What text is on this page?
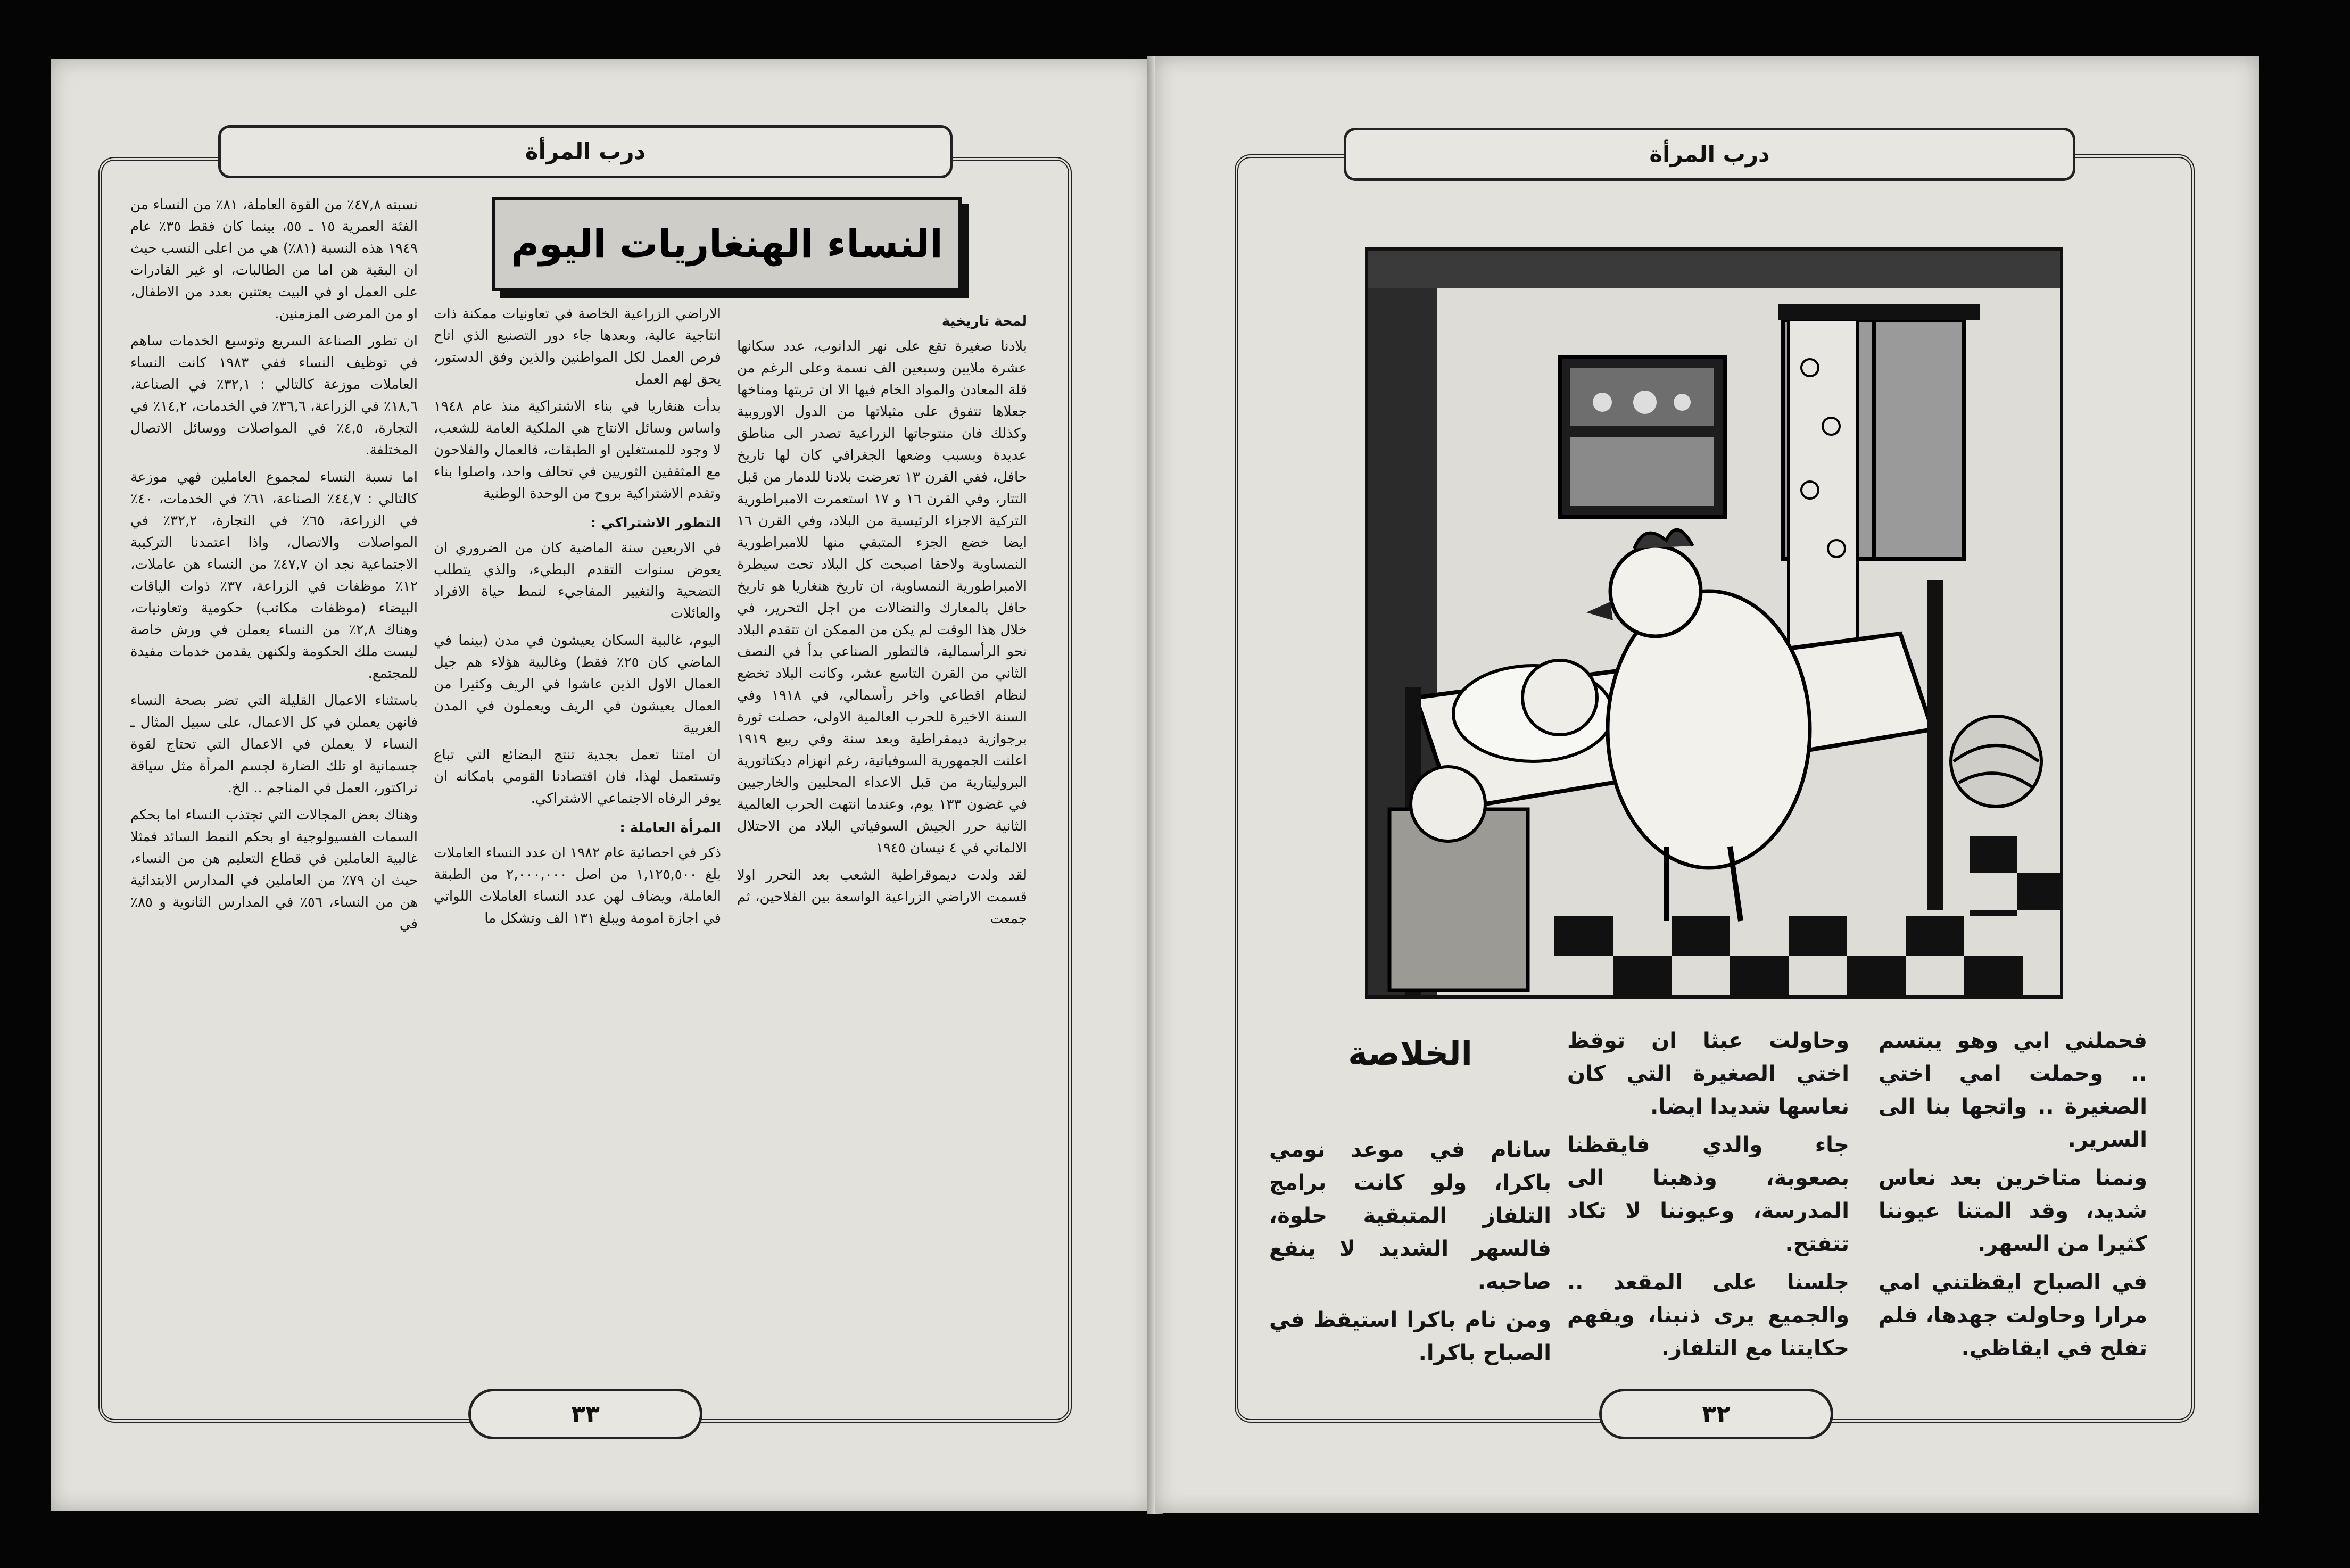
درب المرأة
٣٣
النساء الهنغاريات اليوم
لمحة تاريخية

بلادنا صغيرة تقع على نهر الدانوب، عدد سكانها عشرة ملايين وسبعين الف نسمة وعلى الرغم من قلة المعادن والمواد الخام فيها الا ان تربتها ومناخها جعلاها تتفوق على مثيلاتها من الدول الاوروبية وكذلك فان منتوجاتها الزراعية تصدر الى مناطق عديدة وبسبب وضعها الجغرافي كان لها تاريخ حافل، ففي القرن ١٣ تعرضت بلادنا للدمار من قبل التتار، وفي القرن ١٦ و ١٧ استعمرت الامبراطورية التركية الاجزاء الرئيسية من البلاد، وفي القرن ١٦ ايضا خضع الجزء المتبقي منها للامبراطورية النمساوية ولاحقا اصبحت كل البلاد تحت سيطرة الامبراطورية النمساوية، ان تاريخ هنغاريا هو تاريخ حافل بالمعارك والنضالات من اجل التحرير، في خلال هذا الوقت لم يكن من الممكن ان تتقدم البلاد نحو الرأسمالية، فالتطور الصناعي بدأ في النصف الثاني من القرن التاسع عشر، وكانت البلاد تخضع لنظام اقطاعي واخر رأسمالي، في ١٩١٨ وفي السنة الاخيرة للحرب العالمية الاولى، حصلت ثورة برجوازية ديمقراطية وبعد سنة وفي ربيع ١٩١٩ اعلنت الجمهورية السوفياتية، رغم انهزام ديكتاتورية البروليتارية من قبل الاعداء المحليين والخارجيين في غضون ١٣٣ يوم، وعندما انتهت الحرب العالمية الثانية حرر الجيش السوفياتي البلاد من الاحتلال الالماني في ٤ نيسان ١٩٤٥

لقد ولدت ديموقراطية الشعب بعد التحرر اولا قسمت الاراضي الزراعية الواسعة بين الفلاحين، ثم جمعت

الاراضي الزراعية الخاصة في تعاونيات ممكنة ذات انتاجية عالية، وبعدها جاء دور التصنيع الذي اتاح فرص العمل لكل المواطنين والذين وفق الدستور، يحق لهم العمل

بدأت هنغاريا في بناء الاشتراكية منذ عام ١٩٤٨ واساس وسائل الانتاج هي الملكية العامة للشعب، لا وجود للمستغلين او الطبقات، فالعمال والفلاحون مع المثقفين الثوريين في تحالف واحد، واصلوا بناء وتقدم الاشتراكية بروح من الوحدة الوطنية

التطور الاشتراكي :

في الاربعين سنة الماضية كان من الضروري ان يعوض سنوات التقدم البطيء، والذي يتطلب التضحية والتغيير المفاجيء لنمط حياة الافراد والعائلات

اليوم، غالبية السكان يعيشون في مدن (بينما في الماضي كان ٢٥٪ فقط) وغالبية هؤلاء هم جيل العمال الاول الذين عاشوا في الريف وكثيرا من العمال يعيشون في الريف ويعملون في المدن الغربية

ان امتنا تعمل بجدية تنتج البضائع التي تباع وتستعمل لهذا، فان اقتصادنا القومي بامكانه ان يوفر الرفاه الاجتماعي الاشتراكي.

المرأة العاملة :

ذكر في احصائية عام ١٩٨٢ ان عدد النساء العاملات بلغ ١,١٢٥,٥٠٠ من اصل ٢,٠٠٠,٠٠٠ من الطبقة العاملة، ويضاف لهن عدد النساء العاملات اللواتي في اجازة امومة ويبلغ ١٣١ الف وتشكل ما

نسبته ٤٧,٨٪ من القوة العاملة، ٨١٪ من النساء من الفئة العمرية ١٥ ـ ٥٥، بينما كان فقط ٣٥٪ عام ١٩٤٩ هذه النسبة (٨١٪) هي من اعلى النسب حيث ان البقية هن اما من الطالبات، او غير القادرات على العمل او في البيت يعتنين بعدد من الاطفال، او من المرضى المزمنين.

ان تطور الصناعة السريع وتوسيع الخدمات ساهم في توظيف النساء ففي ١٩٨٣ كانت النساء العاملات موزعة كالتالي : ٣٢,١٪ في الصناعة، ١٨,٦٪ في الزراعة، ٣٦,٦٪ في الخدمات، ١٤,٢٪ في التجارة، ٤,٥٪ في المواصلات ووسائل الاتصال المختلفة.

اما نسبة النساء لمجموع العاملين فهي موزعة كالتالي : ٤٤,٧٪ الصناعة، ٦١٪ في الخدمات، ٤٠٪ في الزراعة، ٦٥٪ في التجارة، ٣٢,٢٪ في المواصلات والاتصال، واذا اعتمدنا التركيبة الاجتماعية نجد ان ٤٧,٧٪ من النساء هن عاملات، ١٢٪ موظفات في الزراعة، ٣٧٪ ذوات الياقات البيضاء (موظفات مكاتب) حكومية وتعاونيات، وهناك ٢,٨٪ من النساء يعملن في ورش خاصة ليست ملك الحكومة ولكنهن يقدمن خدمات مفيدة للمجتمع.

باستثناء الاعمال القليلة التي تضر بصحة النساء فانهن يعملن في كل الاعمال، على سبيل المثال ـ النساء لا يعملن في الاعمال التي تحتاج لقوة جسمانية او تلك الضارة لجسم المرأة مثل سياقة تراكتور، العمل في المناجم .. الخ.

وهناك بعض المجالات التي تجتذب النساء اما بحكم السمات الفسيولوجية او بحكم النمط السائد فمثلا غالبية العاملين في قطاع التعليم هن من النساء، حيث ان ٧٩٪ من العاملين في المدارس الابتدائية هن من النساء، ٥٦٪ في المدارس الثانوية و ٨٥٪ في

درب المرأة
٣٢

فحملني ابي وهو يبتسم .. وحملت امي اختي الصغيرة .. واتجها بنا الى السرير.

ونمنا متاخرين بعد نعاس شديد، وقد المتنا عيوننا كثيرا من السهر.

في الصباح ايقظتني امي مرارا وحاولت جهدها، فلم تفلح في ايقاظي.

وحاولت عبثا ان توقظ اختي الصغيرة التي كان نعاسها شديدا ايضا.

جاء والدي فايقظنا بصعوبة، وذهبنا الى المدرسة، وعيوننا لا تكاد تتفتح.

جلسنا على المقعد .. والجميع يرى ذنبنا، ويفهم حكايتنا مع التلفاز.

الخلاصة

سانام في موعد نومي باكرا، ولو كانت برامج التلفاز المتبقية حلوة، فالسهر الشديد لا ينفع صاحبه.

ومن نام باكرا استيقظ في الصباح باكرا.
